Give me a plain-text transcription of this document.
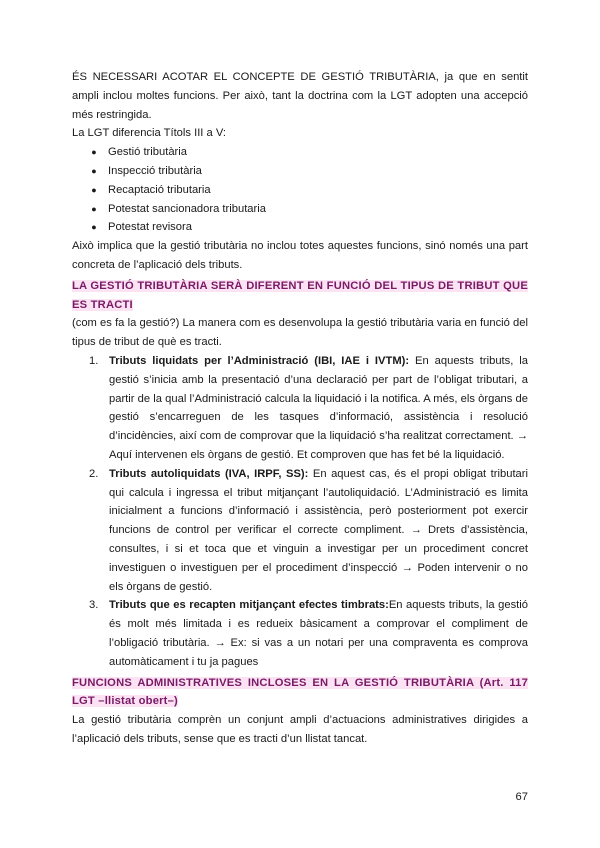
ÉS NECESSARI ACOTAR EL CONCEPTE DE GESTIÓ TRIBUTÀRIA, ja que en sentit ampli inclou moltes funcions. Per això, tant la doctrina com la LGT adopten una accepció més restringida.

La LGT diferencia Títols III a V:

● Gestió tributària
● Inspecció tributària
● Recaptació tributaria
● Potestat sancionadora tributaria
● Potestat revisora

Això implica que la gestió tributària no inclou totes aquestes funcions, sinó només una part concreta de l’aplicació dels tributs.

LA GESTIÓ TRIBUTÀRIA SERÀ DIFERENT EN FUNCIÓ DEL TIPUS DE TRIBUT QUE ES TRACTI

(com es fa la gestió?) La manera com es desenvolupa la gestió tributària varia en funció del tipus de tribut de què es tracti.

1. Tributs liquidats per l’Administració (IBI, IAE i IVTM): En aquests tributs, la gestió s’inicia amb la presentació d’una declaració per part de l’obligat tributari, a partir de la qual l’Administració calcula la liquidació i la notifica. A més, els òrgans de gestió s’encarreguen de les tasques d’informació, assistència i resolució d’incidències, així com de comprovar que la liquidació s’ha realitzat correctament. → Aquí intervenen els òrgans de gestió. Et comproven que has fet bé la liquidació.
2. Tributs autoliquidats (IVA, IRPF, SS): En aquest cas, és el propi obligat tributari qui calcula i ingressa el tribut mitjançant l’autoliquidació. L’Administració es limita inicialment a funcions d’informació i assistència, però posteriorment pot exercir funcions de control per verificar el correcte compliment. → Drets d’assistència, consultes, i si et toca que et vinguin a investigar per un procediment concret investiguen o investiguen per el procediment d’inspecció → Poden intervenir o no els òrgans de gestió.
3. Tributs que es recapten mitjançant efectes timbrats:En aquests tributs, la gestió és molt més limitada i es redueix bàsicament a comprovar el compliment de l’obligació tributària. → Ex: si vas a un notari per una compraventa es comprova automàticament i tu ja pagues

FUNCIONS ADMINISTRATIVES INCLOSES EN LA GESTIÓ TRIBUTÀRIA (Art. 117 LGT –llistat obert–)

La gestió tributària comprèn un conjunt ampli d’actuacions administratives dirigides a l’aplicació dels tributs, sense que es tracti d’un llistat tancat.

67
